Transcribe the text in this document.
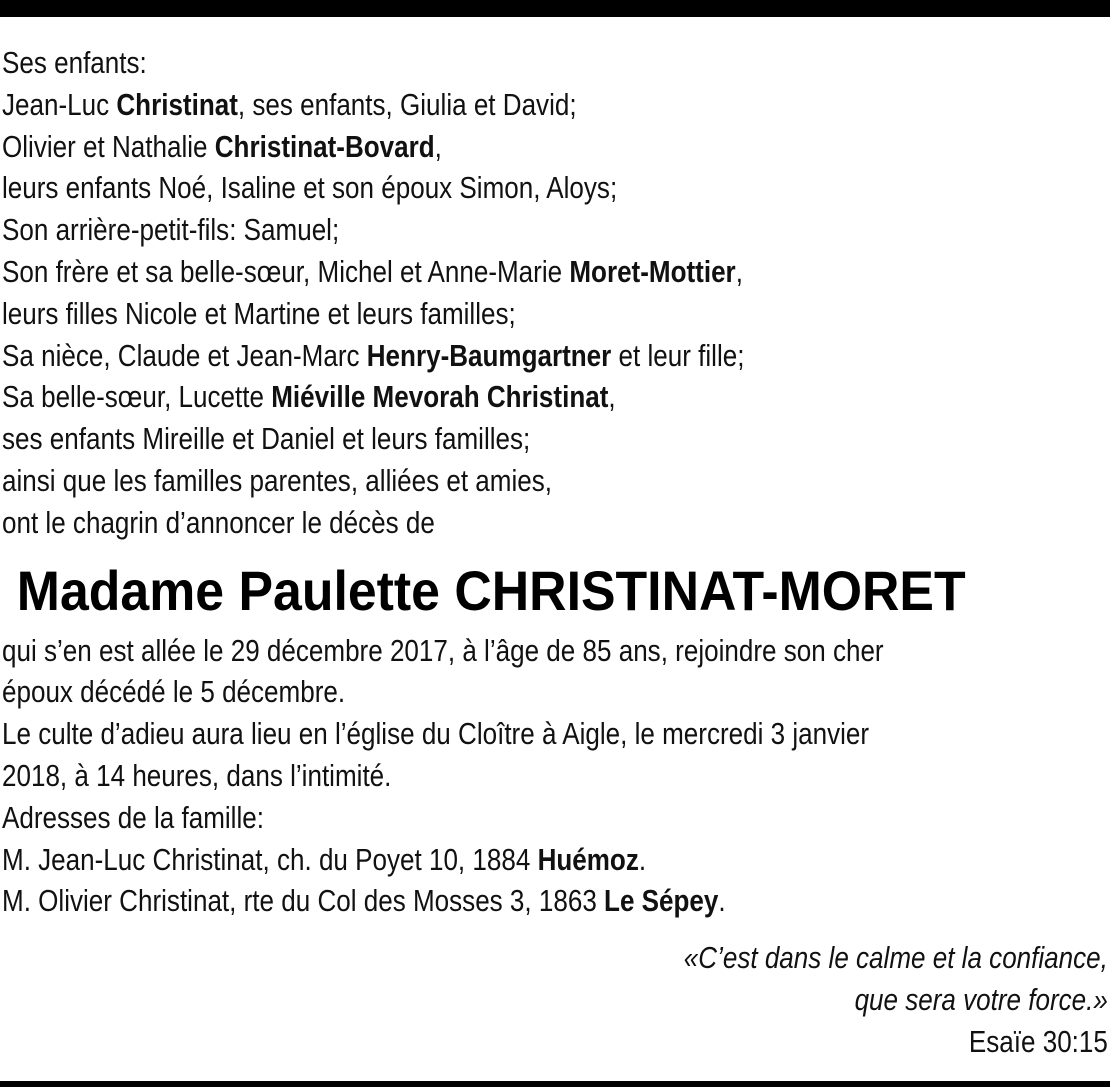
Ses enfants:
Jean-Luc Christinat, ses enfants, Giulia et David;
Olivier et Nathalie Christinat-Bovard,
leurs enfants Noé, Isaline et son époux Simon, Aloys;
Son arrière-petit-fils: Samuel;
Son frère et sa belle-sœur, Michel et Anne-Marie Moret-Mottier,
leurs filles Nicole et Martine et leurs familles;
Sa nièce, Claude et Jean-Marc Henry-Baumgartner et leur fille;
Sa belle-sœur, Lucette Miéville Mevorah Christinat,
ses enfants Mireille et Daniel et leurs familles;
ainsi que les familles parentes, alliées et amies,
ont le chagrin d’annoncer le décès de
Madame Paulette CHRISTINAT-MORET
qui s’en est allée le 29 décembre 2017, à l’âge de 85 ans, rejoindre son cher
époux décédé le 5 décembre.
Le culte d’adieu aura lieu en l’église du Cloître à Aigle, le mercredi 3 janvier
2018, à 14 heures, dans l’intimité.
Adresses de la famille:
M. Jean-Luc Christinat, ch. du Poyet 10, 1884 Huémoz.
M. Olivier Christinat, rte du Col des Mosses 3, 1863 Le Sépey.
«C’est dans le calme et la confiance,
que sera votre force.»
Esaïe 30:15
